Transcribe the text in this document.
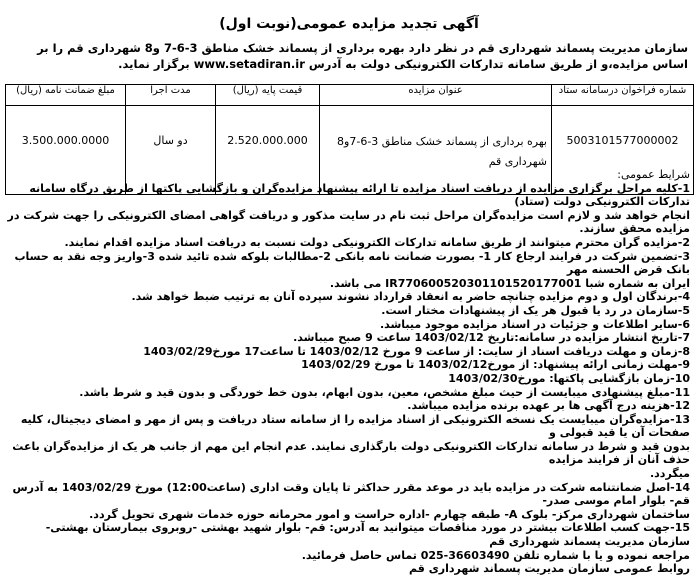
آگهی تجدید مزایده عمومی(نوبت اول)
سازمان مدیریت پسماند شهرداری قم در نظر دارد بهره برداری از پسماند خشک مناطق 3-6-7 و8 شهرداری قم را بر اساس مزایده،و از طریق سامانه تدارکات الکترونیکی دولت به آدرس www.setadiran.ir برگزار نماید.
شماره فراخوان درسامانه ستاد	عنوان مزایده	قیمت پایه (ریال)	مدت اجرا	مبلغ ضمانت نامه (ریال)
5003101577000002	بهره برداری از پسماند خشک مناطق 3-6-7و8 شهرداری قم	2.520.000.000	دو سال	3.500.000.0000
شرایط عمومی:
1-کلیه مراحل برگزاری مزایده از دریافت اسناد مزایده تا ارائه پیشنهاد مزایده‌گران و بازگشایی پاکتها از طریق درگاه سامانه تدارکات الکترونیکی دولت (ستاد)
انجام خواهد شد و لازم است مزایده‌گران مراحل ثبت نام در سایت مذکور و دریافت گواهی امضای الکترونیکی را جهت شرکت در مزایده محقق سازند.
2-مزایده گران محترم میتوانند از طریق سامانه تدارکات الکترونیکی دولت نسبت به دریافت اسناد مزایده اقدام نمایند.
3-تضمین شرکت در فرایند ارجاع کار 1- بصورت ضمانت نامه بانکی 2-مطالبات بلوکه شده تائید شده 3-واریز وجه نقد به حساب بانک قرض الحسنه مهر
ایران به شماره شبا IR770600520301101520177001 می باشد.
4-برندگان اول و دوم مزایده چنانچه حاضر به انعقاد قرارداد نشوند سپرده آنان به ترتیب ضبط خواهد شد.
5-سازمان در رد یا قبول هر یک از پیشنهادات مختار است.
6-سایر اطلاعات و جزئیات در اسناد مزایده موجود میباشد.
7-تاریخ انتشار مزایده در سامانه:تاریخ 1403/02/12 ساعت 9 صبح میباشد.
8-زمان و مهلت دریافت اسناد از سایت: از ساعت 9 مورخ 1403/02/12 تا ساعت17 مورخ1403/02/29
9-مهلت زمانی ارائه پیشنهاد: از مورخ1403/02/12 تا مورخ 1403/02/29
10-زمان بازگشایی پاکتها: مورخ1403/02/30
11-مبلغ پیشنهادی میبایست از حیث مبلغ مشخص، معین، بدون ابهام، بدون خط خوردگی و بدون قید و شرط باشد.
12-هزینه درج آگهی ها بر عهده برنده مزایده میباشد.
13-مزایده‌گران میبایست یک نسخه الکترونیکی از اسناد مزایده را از سامانه ستاد دریافت و پس از مهر و امضای دیجیتال، کلیه صفحات آن یا قید قبولی و
بدون قید و شرط در سامانه تدارکات الکترونیکی دولت بارگذاری نمایند. عدم انجام این مهم از جانب هر یک از مزایده‌گران باعث حذف آنان از فرایند مزایده
میگردد.
14-اصل ضمانتنامه شرکت در مزایده باید در موعد مقرر حداکثر تا پایان وقت اداری (ساعت12:00) مورخ 1403/02/29 به آدرس قم- بلوار امام موسی صدر-
ساختمان شهرداری مرکز- بلوک A- طبقه چهارم -اداره حراست و امور محرمانه حوزه خدمات شهری تحویل گردد.
15-جهت کسب اطلاعات بیشتر در مورد مناقصات میتوانید به آدرس: قم- بلوار شهید بهشتی -روبروی بیمارستان بهشتی-سازمان مدیریت پسماند شهرداری قم
مراجعه نموده و یا با شماره تلفن 36603490-025 تماس حاصل فرمائید.
روابط عمومی سازمان مدیریت پسماند شهرداری قم
